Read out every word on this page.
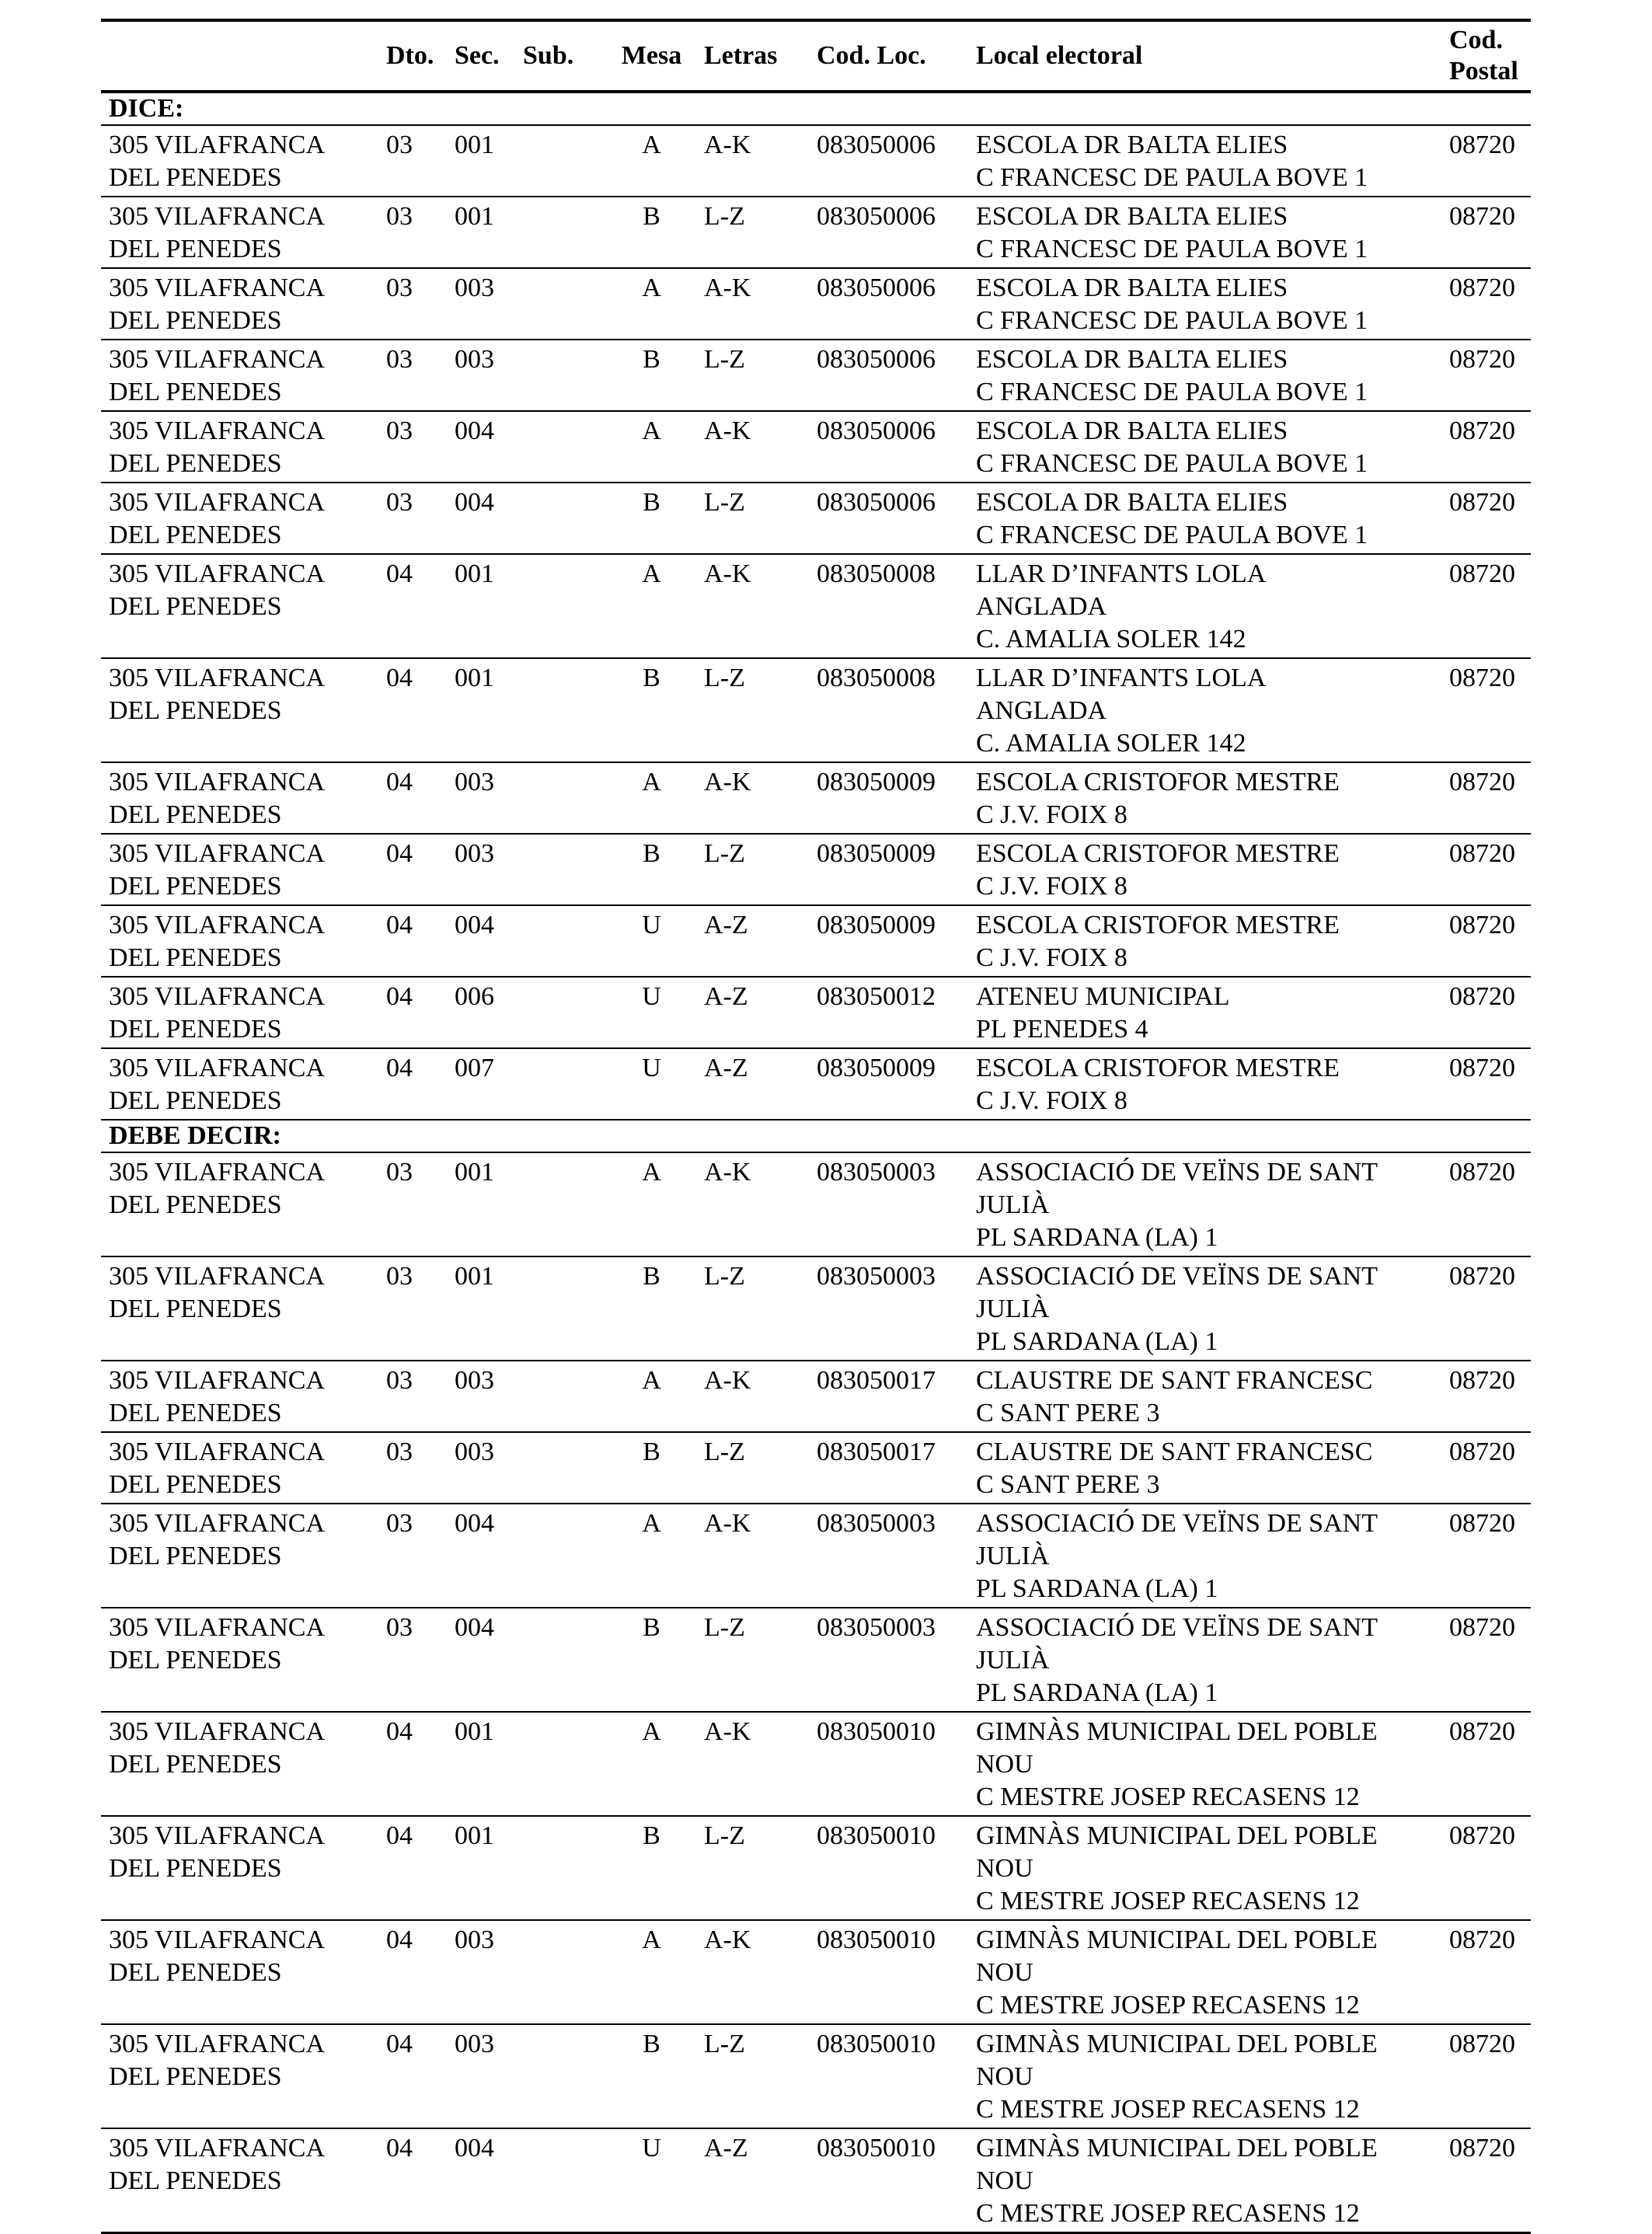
	Dto.	Sec.	Sub.	Mesa	Letras	Cod. Loc.	Local electoral	Cod.
Postal
DICE:								
305 VILAFRANCA
DEL PENEDES	03	001		A	A-K	083050006	ESCOLA DR BALTA ELIES
C FRANCESC DE PAULA BOVE 1	08720
305 VILAFRANCA
DEL PENEDES	03	001		B	L-Z	083050006	ESCOLA DR BALTA ELIES
C FRANCESC DE PAULA BOVE 1	08720
305 VILAFRANCA
DEL PENEDES	03	003		A	A-K	083050006	ESCOLA DR BALTA ELIES
C FRANCESC DE PAULA BOVE 1	08720
305 VILAFRANCA
DEL PENEDES	03	003		B	L-Z	083050006	ESCOLA DR BALTA ELIES
C FRANCESC DE PAULA BOVE 1	08720
305 VILAFRANCA
DEL PENEDES	03	004		A	A-K	083050006	ESCOLA DR BALTA ELIES
C FRANCESC DE PAULA BOVE 1	08720
305 VILAFRANCA
DEL PENEDES	03	004		B	L-Z	083050006	ESCOLA DR BALTA ELIES
C FRANCESC DE PAULA BOVE 1	08720
305 VILAFRANCA
DEL PENEDES	04	001		A	A-K	083050008	LLAR D’INFANTS LOLA
ANGLADA
C. AMALIA SOLER 142	08720
305 VILAFRANCA
DEL PENEDES	04	001		B	L-Z	083050008	LLAR D’INFANTS LOLA
ANGLADA
C. AMALIA SOLER 142	08720
305 VILAFRANCA
DEL PENEDES	04	003		A	A-K	083050009	ESCOLA CRISTOFOR MESTRE
C J.V. FOIX 8	08720
305 VILAFRANCA
DEL PENEDES	04	003		B	L-Z	083050009	ESCOLA CRISTOFOR MESTRE
C J.V. FOIX 8	08720
305 VILAFRANCA
DEL PENEDES	04	004		U	A-Z	083050009	ESCOLA CRISTOFOR MESTRE
C J.V. FOIX 8	08720
305 VILAFRANCA
DEL PENEDES	04	006		U	A-Z	083050012	ATENEU MUNICIPAL
PL PENEDES 4	08720
305 VILAFRANCA
DEL PENEDES	04	007		U	A-Z	083050009	ESCOLA CRISTOFOR MESTRE
C J.V. FOIX 8	08720
DEBE DECIR:								
305 VILAFRANCA
DEL PENEDES	03	001		A	A-K	083050003	ASSOCIACIÓ DE VEÏNS DE SANT
JULIÀ
PL SARDANA (LA) 1	08720
305 VILAFRANCA
DEL PENEDES	03	001		B	L-Z	083050003	ASSOCIACIÓ DE VEÏNS DE SANT
JULIÀ
PL SARDANA (LA) 1	08720
305 VILAFRANCA
DEL PENEDES	03	003		A	A-K	083050017	CLAUSTRE DE SANT FRANCESC
C SANT PERE 3	08720
305 VILAFRANCA
DEL PENEDES	03	003		B	L-Z	083050017	CLAUSTRE DE SANT FRANCESC
C SANT PERE 3	08720
305 VILAFRANCA
DEL PENEDES	03	004		A	A-K	083050003	ASSOCIACIÓ DE VEÏNS DE SANT
JULIÀ
PL SARDANA (LA) 1	08720
305 VILAFRANCA
DEL PENEDES	03	004		B	L-Z	083050003	ASSOCIACIÓ DE VEÏNS DE SANT
JULIÀ
PL SARDANA (LA) 1	08720
305 VILAFRANCA
DEL PENEDES	04	001		A	A-K	083050010	GIMNÀS MUNICIPAL DEL POBLE
NOU
C MESTRE JOSEP RECASENS 12	08720
305 VILAFRANCA
DEL PENEDES	04	001		B	L-Z	083050010	GIMNÀS MUNICIPAL DEL POBLE
NOU
C MESTRE JOSEP RECASENS 12	08720
305 VILAFRANCA
DEL PENEDES	04	003		A	A-K	083050010	GIMNÀS MUNICIPAL DEL POBLE
NOU
C MESTRE JOSEP RECASENS 12	08720
305 VILAFRANCA
DEL PENEDES	04	003		B	L-Z	083050010	GIMNÀS MUNICIPAL DEL POBLE
NOU
C MESTRE JOSEP RECASENS 12	08720
305 VILAFRANCA
DEL PENEDES	04	004		U	A-Z	083050010	GIMNÀS MUNICIPAL DEL POBLE
NOU
C MESTRE JOSEP RECASENS 12	08720
